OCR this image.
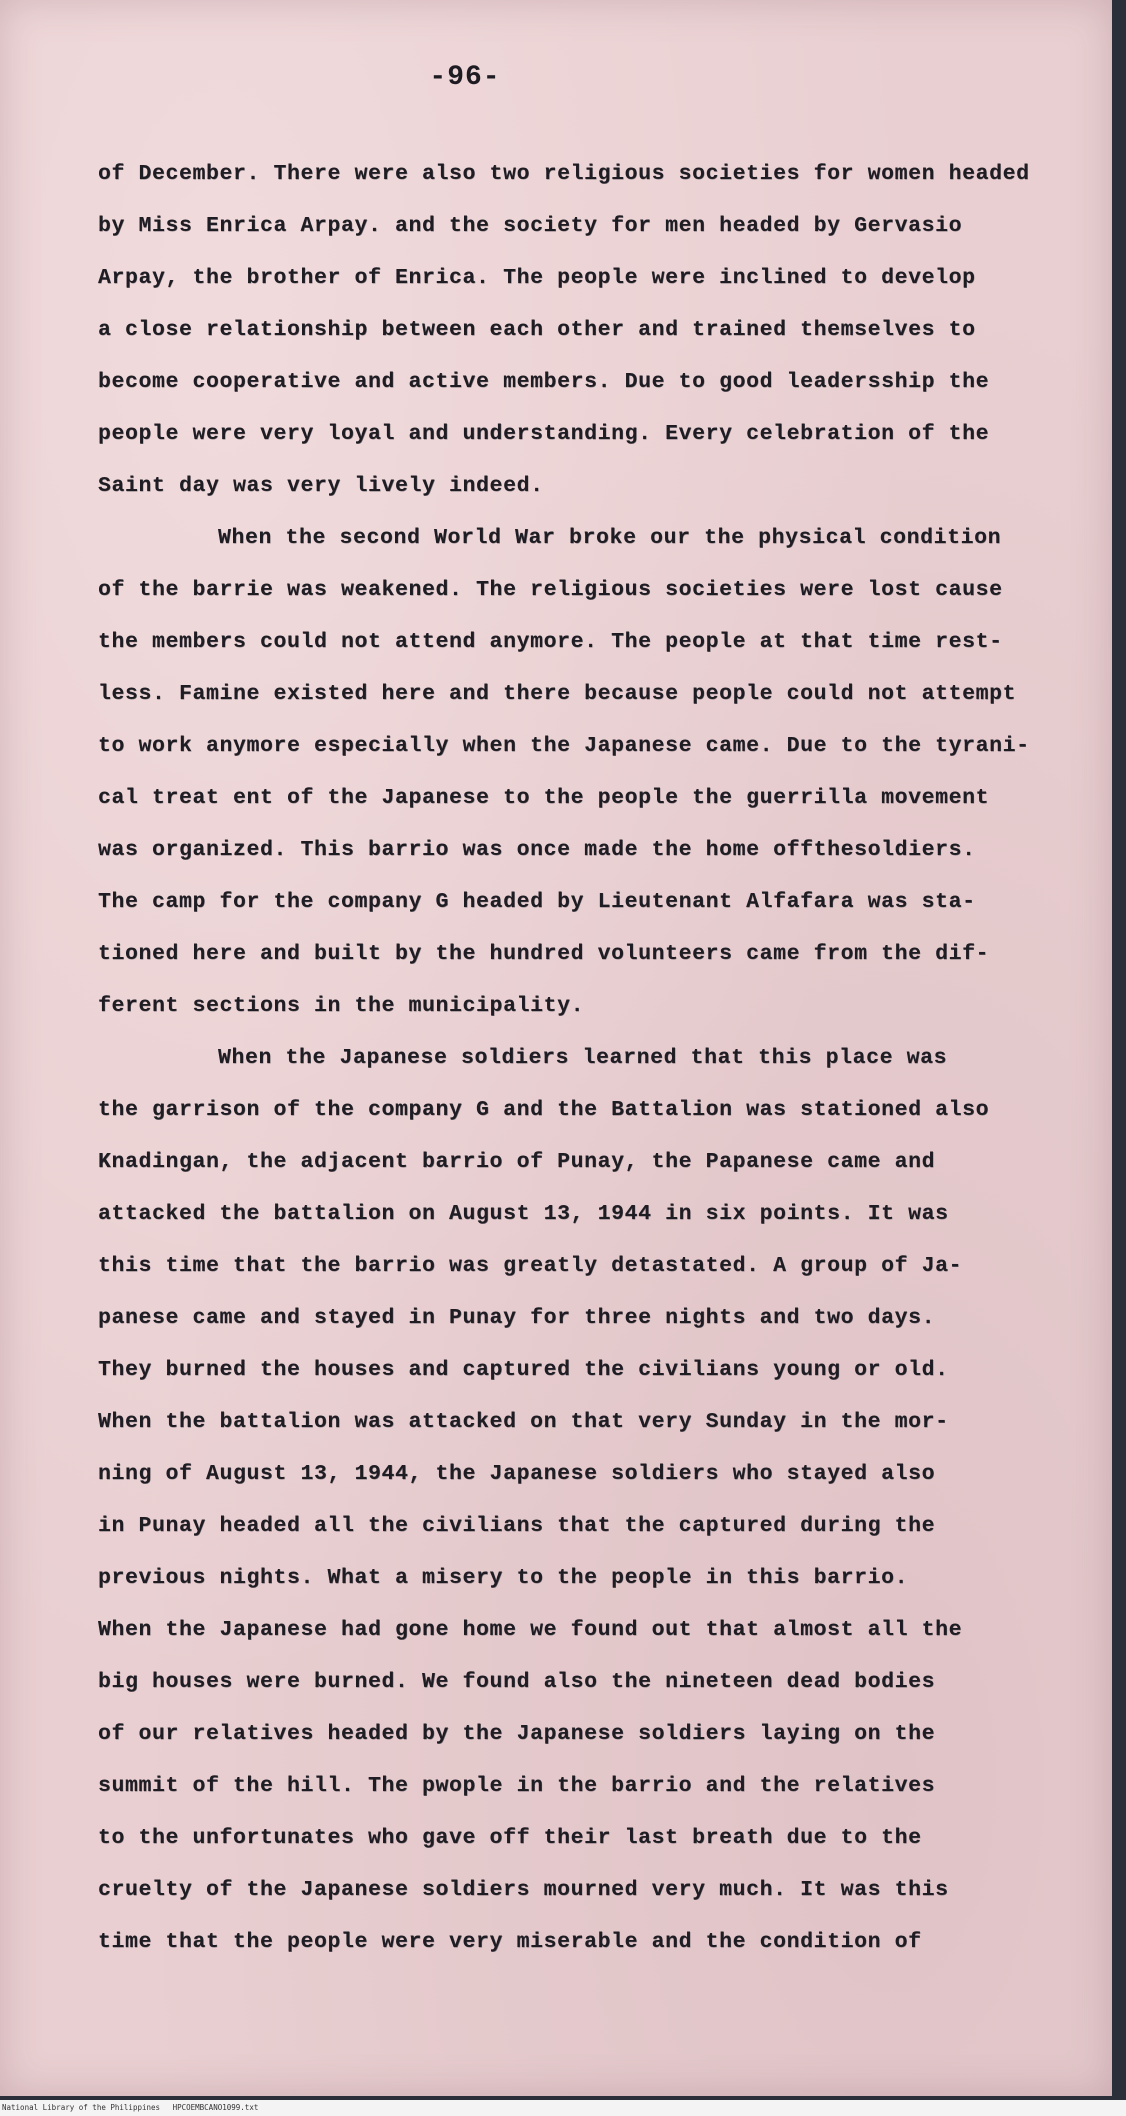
-96-
of December. There were also two religious societies for women headed
by Miss Enrica Arpay. and the society for men headed by Gervasio
Arpay, the brother of Enrica. The people were inclined to develop
a close relationship between each other and trained themselves to
become cooperative and active members. Due to good leadersship the
people were very loyal and understanding. Every celebration of the
Saint day was very lively indeed.
When the second World War broke our the physical condition
of the barrie was weakened. The religious societies were lost cause
the members could not attend anymore. The people at that time rest-
less. Famine existed here and there because people could not attempt
to work anymore especially when the Japanese came. Due to the tyrani-
cal treat ent of the Japanese to the people the guerrilla movement
was organized. This barrio was once made the home offthesoldiers.
The camp for the company G headed by Lieutenant Alfafara was sta-
tioned here and built by the hundred volunteers came from the dif-
ferent sections in the municipality.
When the Japanese soldiers learned that this place was
the garrison of the company G and the Battalion was stationed also
Knadingan, the adjacent barrio of Punay, the Papanese came and
attacked the battalion on August 13, 1944 in six points. It was
this time that the barrio was greatly detastated. A group of Ja-
panese came and stayed in Punay for three nights and two days.
They burned the houses and captured the civilians young or old.
When the battalion was attacked on that very Sunday in the mor-
ning of August 13, 1944, the Japanese soldiers who stayed also
in Punay headed all the civilians that the captured during the
previous nights. What a misery to the people in this barrio.
When the Japanese had gone home we found out that almost all the
big houses were burned. We found also the nineteen dead bodies
of our relatives headed by the Japanese soldiers laying on the
summit of the hill. The pwople in the barrio and the relatives
to the unfortunates who gave off their last breath due to the
cruelty of the Japanese soldiers mourned very much. It was this
time that the people were very miserable and the condition of
National Library of the Philippines HPCOEMBCANO1099.txt
